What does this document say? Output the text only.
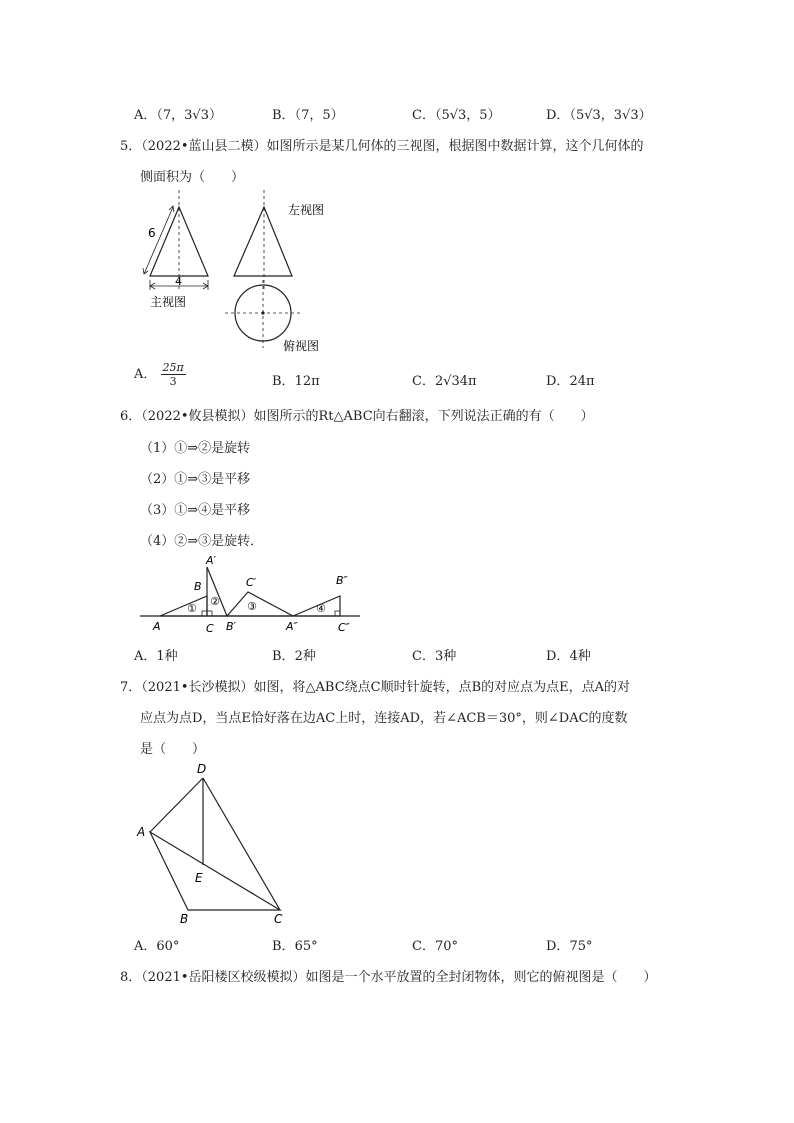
A．（7，3√3）	B．（7，5）	C．（5√3，5）	D．（5√3，3√3）
5．（2022•蓝山县二模）如图所示是某几何体的三视图，根据图中数据计算，这个几何体的
侧面积为（　　）
6
4
主视图
左视图
俯视图
A． $\frac{25\pi}{3}$	B．12π	C．2√34π	D．24π
6．（2022•攸县模拟）如图所示的Rt△ABC向右翻滚，下列说法正确的有（　　）
（1）①⇒②是旋转
（2）①⇒③是平移
（3）①⇒④是平移
（4）②⇒③是旋转．
①
② ③	④
A
B
C
A′
B′
C′
A″
B″
C″
A．1种	B．2种	C．3种	D．4种
7．（2021•长沙模拟）如图，将△ABC绕点C顺时针旋转，点B的对应点为点E，点A的对
应点为点D，当点E恰好落在边AC上时，连接AD，若∠ACB＝30°，则∠DAC的度数
是（　　）
D
A
E
B	C
A．60°	B．65°	C．70°	D．75°
8．（2021•岳阳楼区校级模拟）如图是一个水平放置的全封闭物体，则它的俯视图是（　　）
